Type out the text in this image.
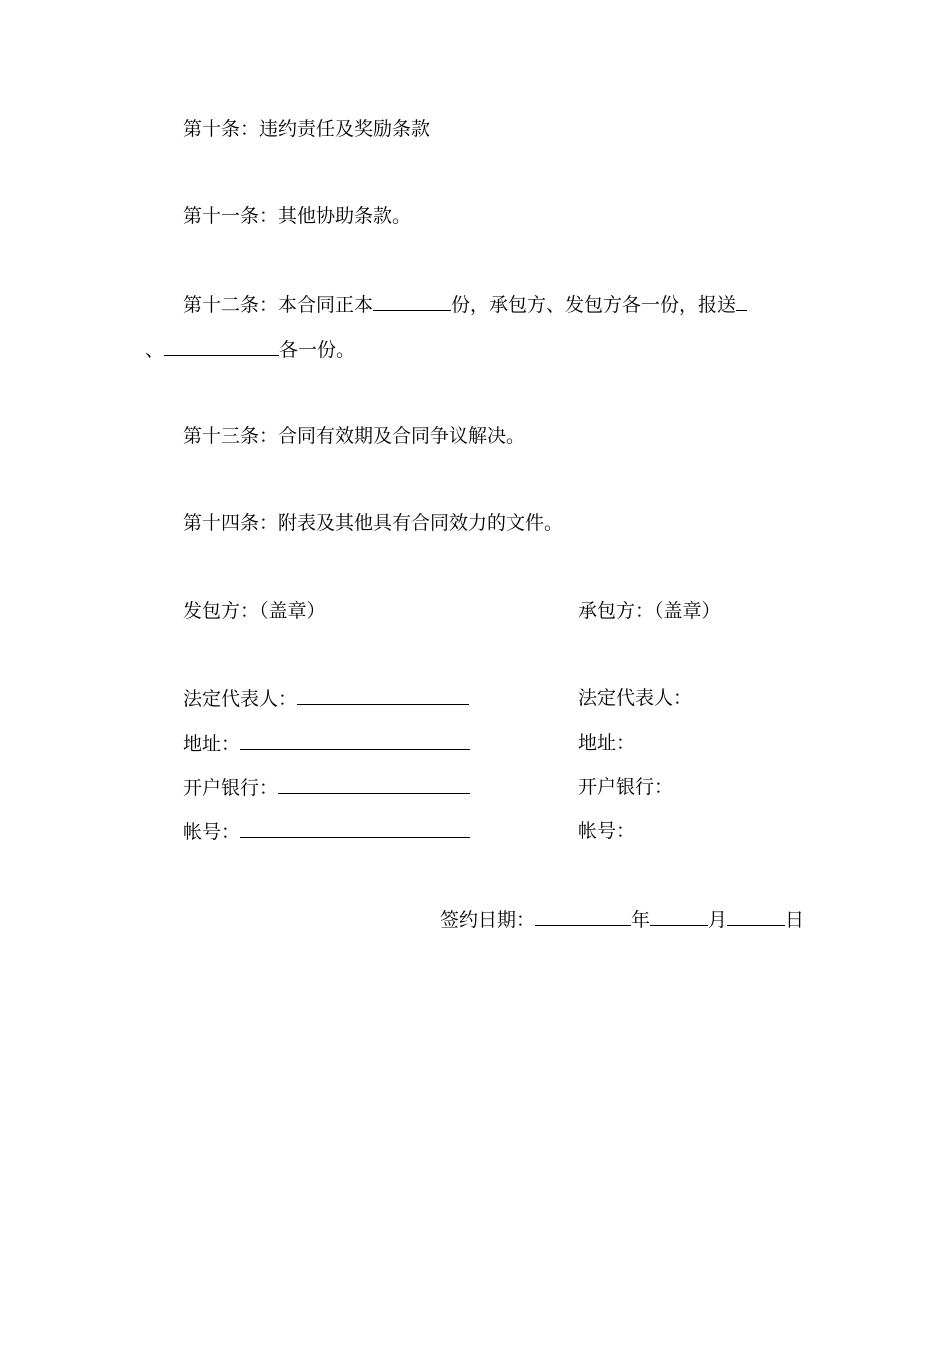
第十条：违约责任及奖励条款
第十一条：其他协助条款。
第十二条：本合同正本	份，承包方、发包方各一份，报送
、	各一份。
第十三条：合同有效期及合同争议解决。
第十四条：附表及其他具有合同效力的文件。
发包方：（盖章）	承包方：（盖章）
法定代表人：	法定代表人：
地址：	地址：
开户银行：	开户银行：
帐号：	帐号：
签约日期：	年	月	日
